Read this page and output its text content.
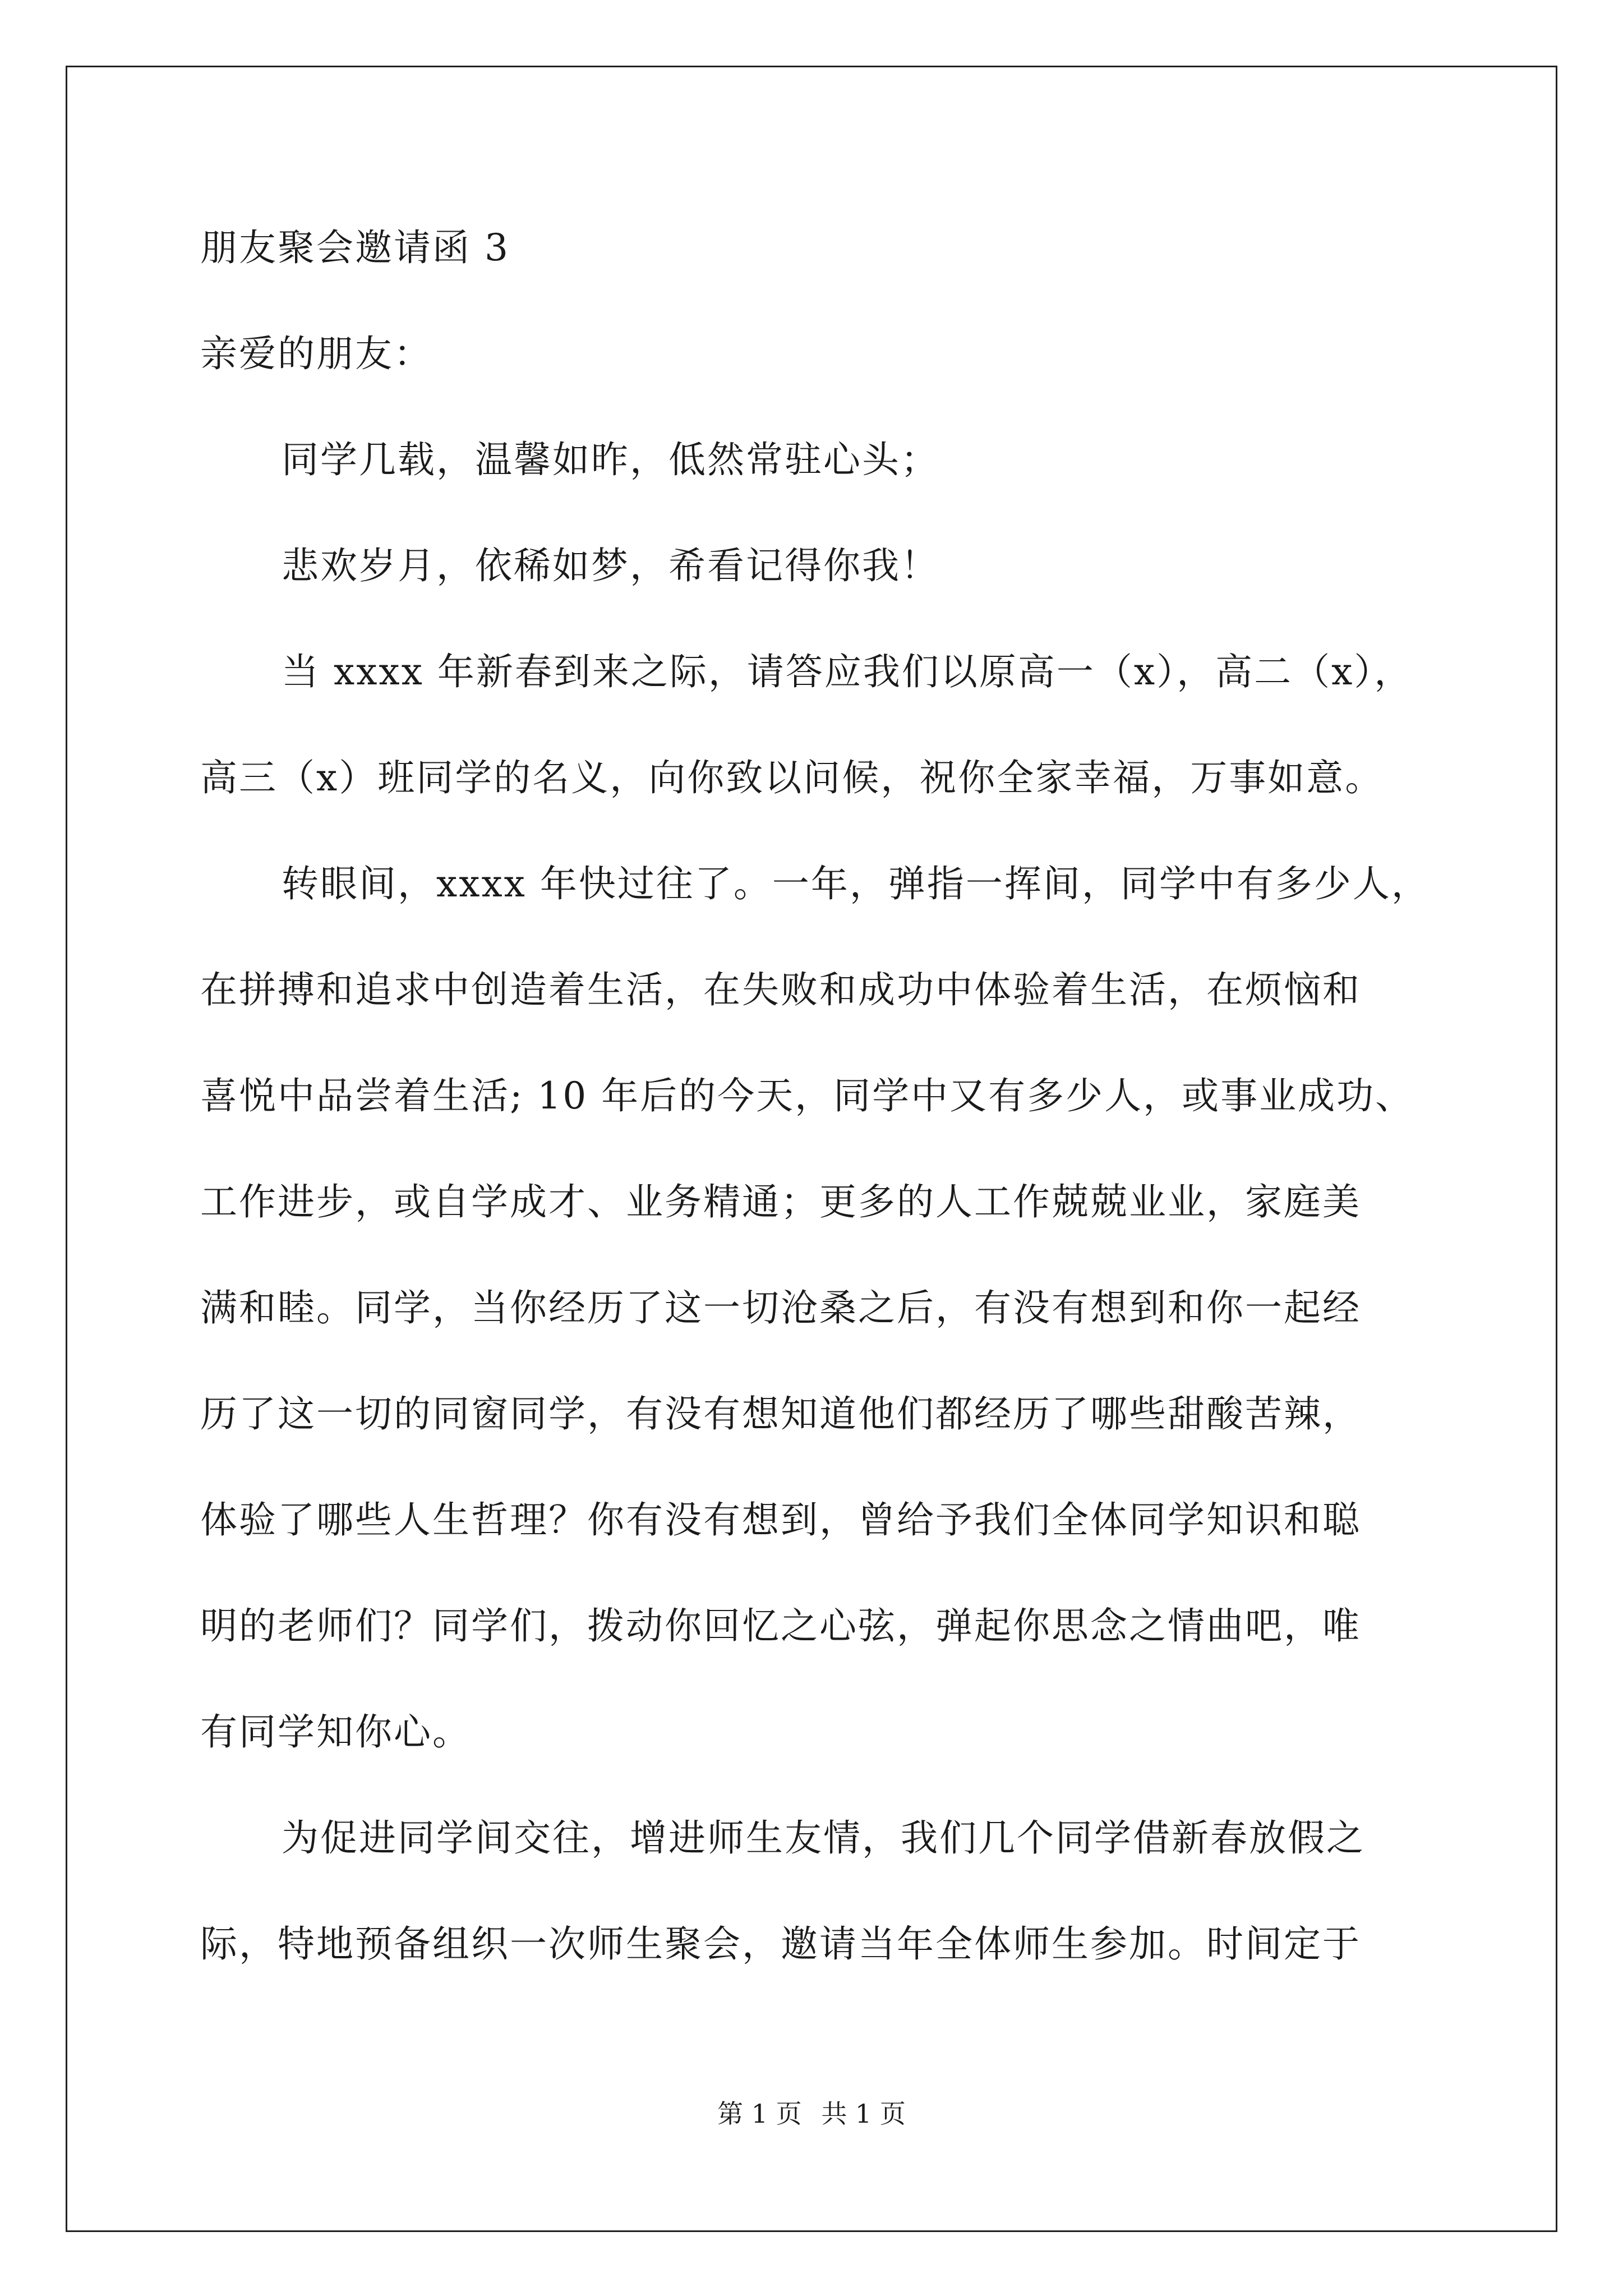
朋友聚会邀请函 3
亲爱的朋友：
同学几载，温馨如昨，低然常驻心头；
悲欢岁月，依稀如梦，希看记得你我！
当 xxxx 年新春到来之际，请答应我们以原高一（x），高二（x），
高三（x）班同学的名义，向你致以问候，祝你全家幸福，万事如意。
转眼间，xxxx 年快过往了。一年，弹指一挥间，同学中有多少人，
在拼搏和追求中创造着生活，在失败和成功中体验着生活，在烦恼和
喜悦中品尝着生活; 10 年后的今天，同学中又有多少人，或事业成功、
工作进步，或自学成才、业务精通；更多的人工作兢兢业业，家庭美
满和睦。同学，当你经历了这一切沧桑之后，有没有想到和你一起经
历了这一切的同窗同学，有没有想知道他们都经历了哪些甜酸苦辣，
体验了哪些人生哲理？你有没有想到，曾给予我们全体同学知识和聪
明的老师们？同学们，拨动你回忆之心弦，弹起你思念之情曲吧，唯
有同学知你心。
为促进同学间交往，增进师生友情，我们几个同学借新春放假之
际，特地预备组织一次师生聚会，邀请当年全体师生参加。时间定于
第 1 页 共 1 页
